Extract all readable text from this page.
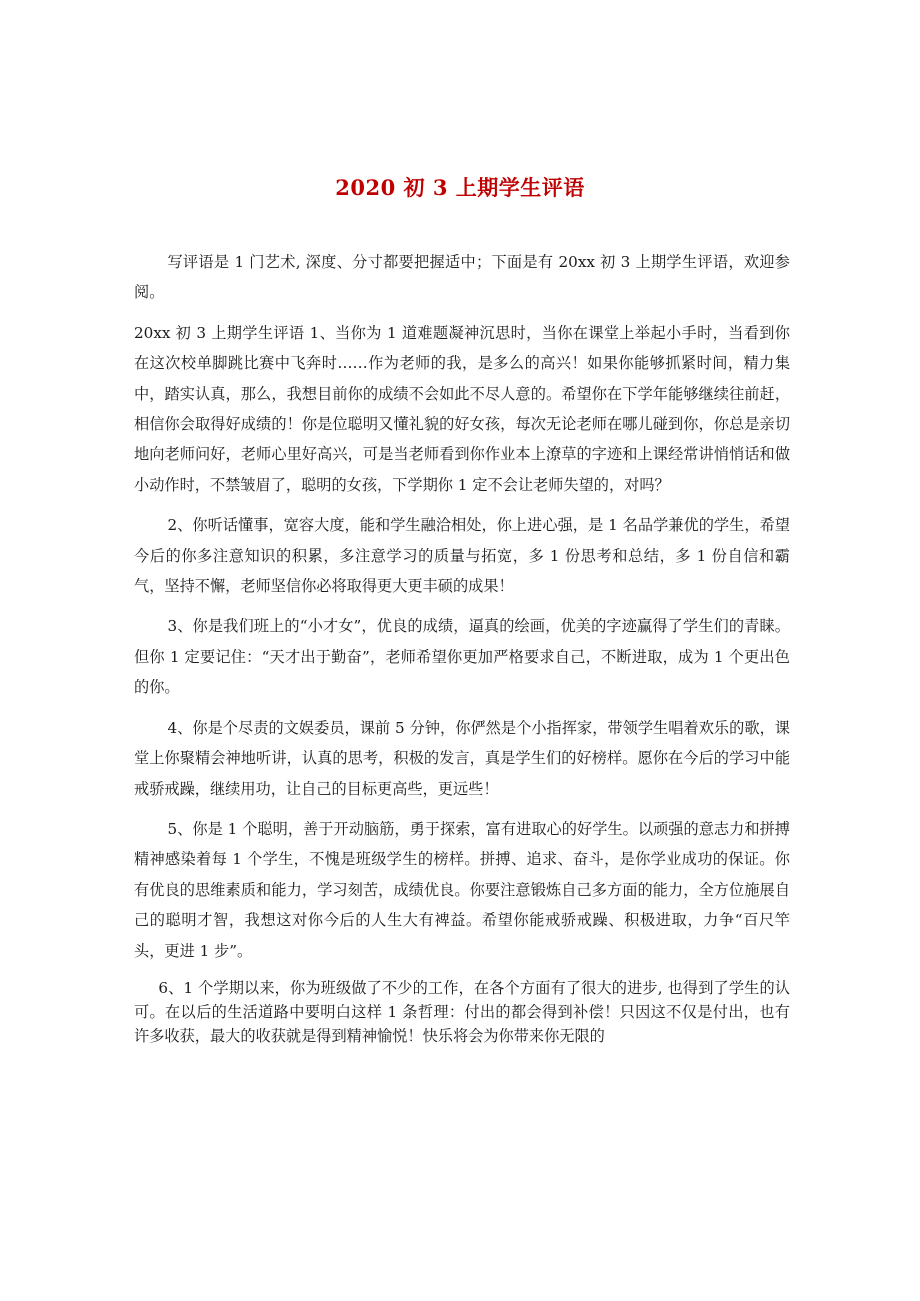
2020 初 3 上期学生评语

写评语是 1 门艺术, 深度、分寸都要把握适中；下面是有 20xx 初 3 上期学生评语，欢迎参阅。

20xx 初 3 上期学生评语 1、当你为 1 道难题凝神沉思时，当你在课堂上举起小手时，当看到你在这次校单脚跳比赛中飞奔时……作为老师的我，是多么的高兴！如果你能够抓紧时间，精力集中，踏实认真，那么，我想目前你的成绩不会如此不尽人意的。希望你在下学年能够继续往前赶，相信你会取得好成绩的！你是位聪明又懂礼貌的好女孩，每次无论老师在哪儿碰到你，你总是亲切地向老师问好，老师心里好高兴，可是当老师看到你作业本上潦草的字迹和上课经常讲悄悄话和做小动作时，不禁皱眉了，聪明的女孩，下学期你 1 定不会让老师失望的，对吗？

2、你听话懂事，宽容大度，能和学生融洽相处，你上进心强，是 1 名品学兼优的学生，希望今后的你多注意知识的积累，多注意学习的质量与拓宽，多 1 份思考和总结，多 1 份自信和霸气，坚持不懈，老师坚信你必将取得更大更丰硕的成果！

3、你是我们班上的“小才女”，优良的成绩，逼真的绘画，优美的字迹赢得了学生们的青睐。但你 1 定要记住：“天才出于勤奋”，老师希望你更加严格要求自己，不断进取，成为 1 个更出色的你。

4、你是个尽责的文娱委员，课前 5 分钟，你俨然是个小指挥家，带领学生唱着欢乐的歌，课堂上你聚精会神地听讲，认真的思考，积极的发言，真是学生们的好榜样。愿你在今后的学习中能戒骄戒躁，继续用功，让自己的目标更高些，更远些！

5、你是 1 个聪明，善于开动脑筋，勇于探索，富有进取心的好学生。以顽强的意志力和拼搏精神感染着每 1 个学生，不愧是班级学生的榜样。拼搏、追求、奋斗，是你学业成功的保证。你有优良的思维素质和能力，学习刻苦，成绩优良。你要注意锻炼自己多方面的能力，全方位施展自己的聪明才智，我想这对你今后的人生大有裨益。希望你能戒骄戒躁、积极进取，力争“百尺竿头，更进 1 步”。

6、1 个学期以来，你为班级做了不少的工作，在各个方面有了很大的进步, 也得到了学生的认可。在以后的生活道路中要明白这样 1 条哲理：付出的都会得到补偿！只因这不仅是付出，也有许多收获，最大的收获就是得到精神愉悦！快乐将会为你带来你无限的
